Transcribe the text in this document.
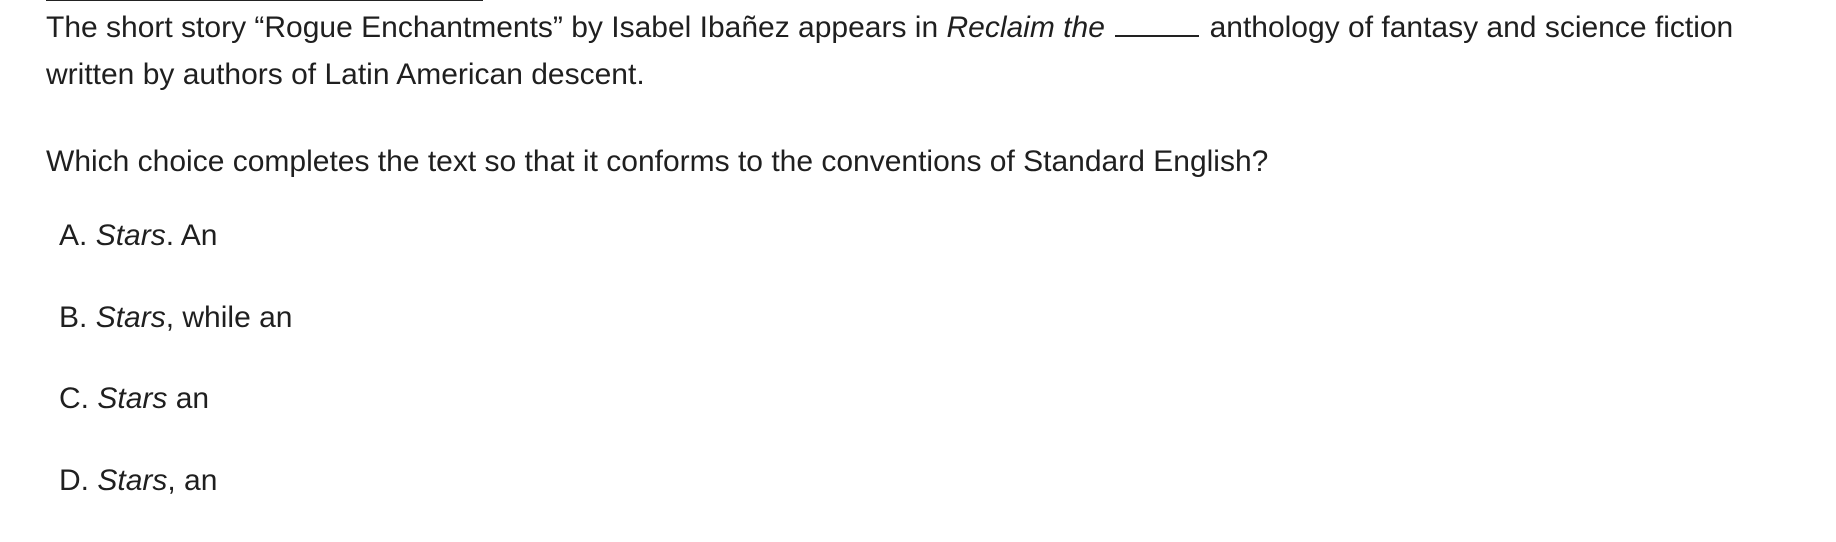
The short story “Rogue Enchantments” by Isabel Ibañez appears in Reclaim the	anthology of fantasy and science fiction written by authors of Latin American descent.

Which choice completes the text so that it conforms to the conventions of Standard English?

A. Stars. An
B. Stars, while an
C. Stars an
D. Stars, an
